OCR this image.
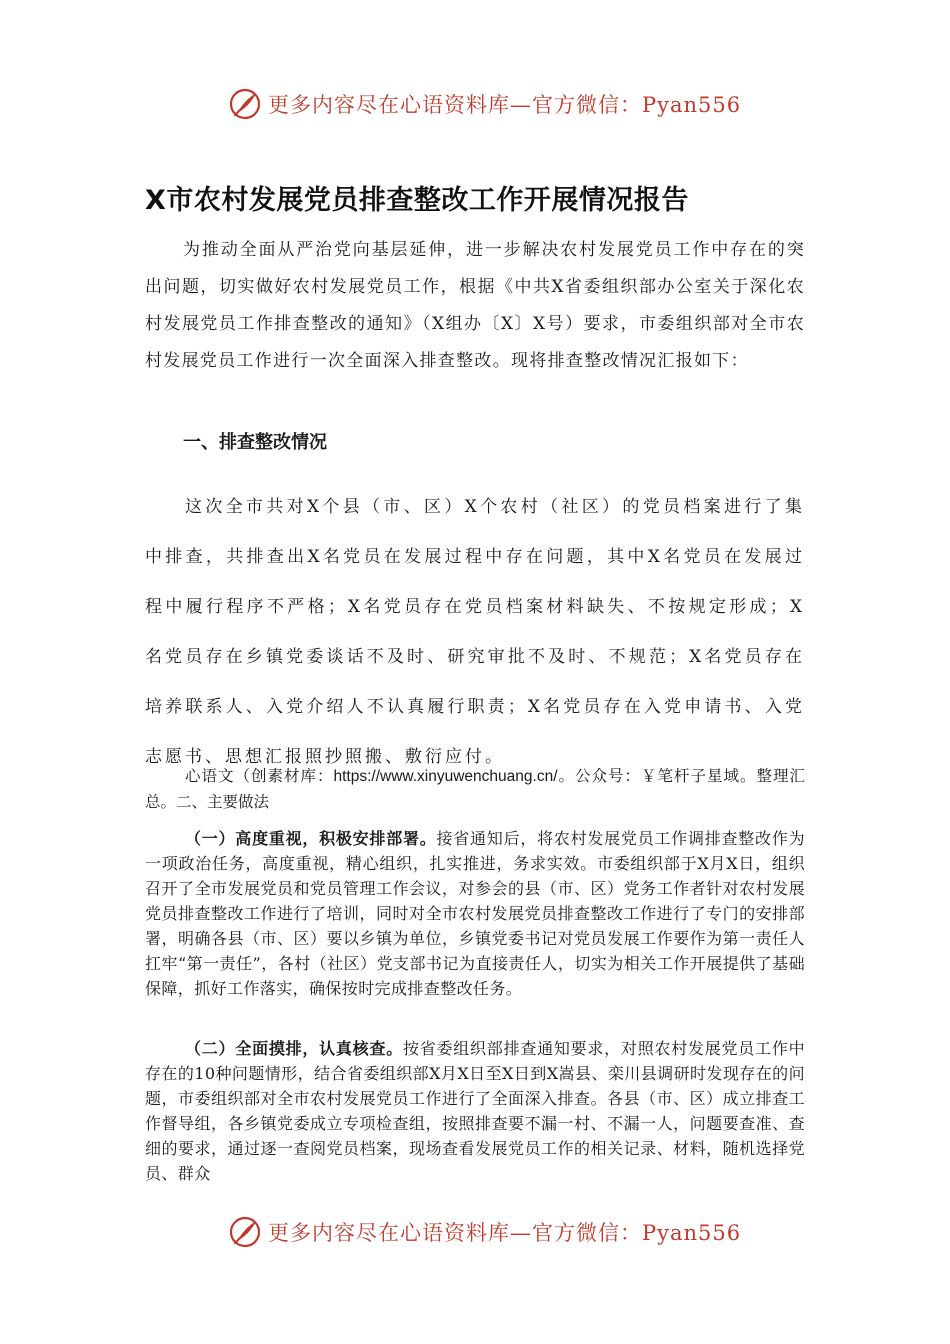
更多内容尽在心语资料库—官方微信：Pyan556
X市农村发展党员排查整改工作开展情况报告
为推动全面从严治党向基层延伸，进一步解决农村发展党员工作中存在的突出问题，切实做好农村发展党员工作，根据《中共X省委组织部办公室关于深化农村发展党员工作排查整改的通知》（X组办〔X〕X号）要求，市委组织部对全市农村发展党员工作进行一次全面深入排查整改。现将排查整改情况汇报如下：
一、排查整改情况
这次全市共对X个县（市、区）X个农村（社区）的党员档案进行了集中排查，共排查出X名党员在发展过程中存在问题，其中X名党员在发展过程中履行程序不严格；X名党员存在党员档案材料缺失、不按规定形成；X名党员存在乡镇党委谈话不及时、研究审批不及时、不规范；X名党员存在培养联系人、入党介绍人不认真履行职责；X名党员存在入党申请书、入党志愿书、思想汇报照抄照搬、敷衍应付。
心语文（创素材库：https://www.xinyuwenchuang.cn/。公众号：￥笔杆子星域。整理汇总。二、主要做法
（一）高度重视，积极安排部署。接省通知后，将农村发展党员工作调排查整改作为一项政治任务，高度重视，精心组织，扎实推进，务求实效。市委组织部于X月X日，组织召开了全市发展党员和党员管理工作会议，对参会的县（市、区）党务工作者针对农村发展党员排查整改工作进行了培训，同时对全市农村发展党员排查整改工作进行了专门的安排部署，明确各县（市、区）要以乡镇为单位，乡镇党委书记对党员发展工作要作为第一责任人扛牢“第一责任”，各村（社区）党支部书记为直接责任人，切实为相关工作开展提供了基础保障，抓好工作落实，确保按时完成排查整改任务。
（二）全面摸排，认真核查。按省委组织部排查通知要求，对照农村发展党员工作中存在的10种问题情形，结合省委组织部X月X日至X日到X嵩县、栾川县调研时发现存在的问题，市委组织部对全市农村发展党员工作进行了全面深入排查。各县（市、区）成立排查工作督导组，各乡镇党委成立专项检查组，按照排查要不漏一村、不漏一人，问题要查准、查细的要求，通过逐一查阅党员档案，现场查看发展党员工作的相关记录、材料，随机选择党员、群众
更多内容尽在心语资料库—官方微信：Pyan556
